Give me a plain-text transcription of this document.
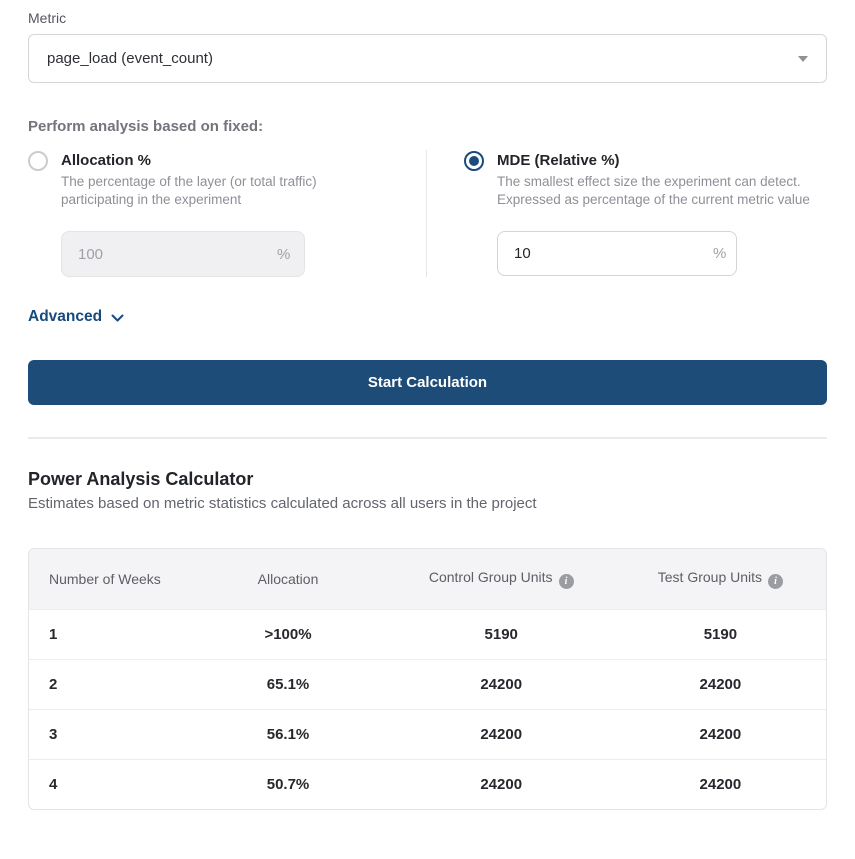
Metric
page_load (event_count)
Perform analysis based on fixed:
Allocation %
The percentage of the layer (or total traffic) participating in the experiment
100
%
MDE (Relative %)
The smallest effect size the experiment can detect. Expressed as percentage of the current metric value
10
%
Advanced
Start Calculation
Power Analysis Calculator
Estimates based on metric statistics calculated across all users in the project
Number of Weeks	Allocation	Control Group Units i	Test Group Units i
1	>100%	5190	5190
2	65.1%	24200	24200
3	56.1%	24200	24200
4	50.7%	24200	24200
